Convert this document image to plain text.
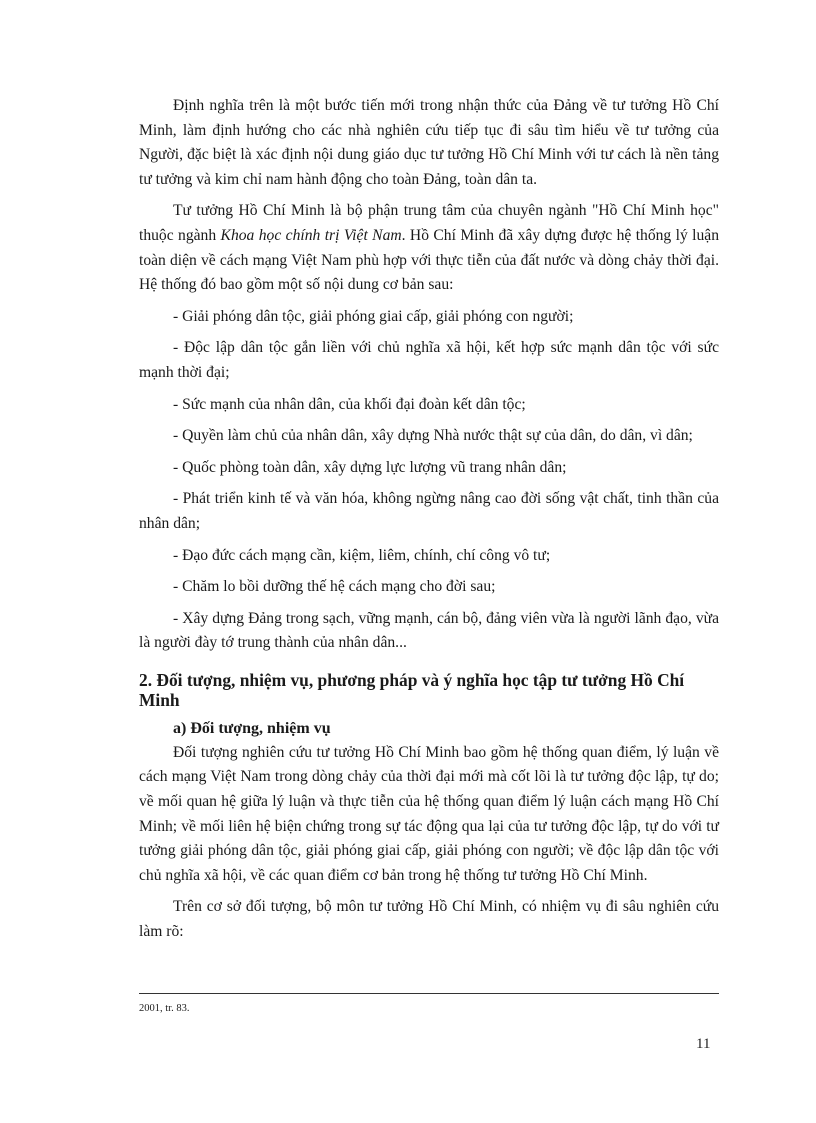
Định nghĩa trên là một bước tiến mới trong nhận thức của Đảng về tư tưởng Hồ Chí Minh, làm định hướng cho các nhà nghiên cứu tiếp tục đi sâu tìm hiểu về tư tưởng của Người, đặc biệt là xác định nội dung giáo dục tư tưởng Hồ Chí Minh với tư cách là nền tảng tư tưởng và kim chỉ nam hành động cho toàn Đảng, toàn dân ta.

Tư tưởng Hồ Chí Minh là bộ phận trung tâm của chuyên ngành "Hồ Chí Minh học" thuộc ngành Khoa học chính trị Việt Nam. Hồ Chí Minh đã xây dựng được hệ thống lý luận toàn diện về cách mạng Việt Nam phù hợp với thực tiễn của đất nước và dòng chảy thời đại. Hệ thống đó bao gồm một số nội dung cơ bản sau:

- Giải phóng dân tộc, giải phóng giai cấp, giải phóng con người;

- Độc lập dân tộc gắn liền với chủ nghĩa xã hội, kết hợp sức mạnh dân tộc với sức mạnh thời đại;

- Sức mạnh của nhân dân, của khối đại đoàn kết dân tộc;

- Quyền làm chủ của nhân dân, xây dựng Nhà nước thật sự của dân, do dân, vì dân;

- Quốc phòng toàn dân, xây dựng lực lượng vũ trang nhân dân;

- Phát triển kinh tế và văn hóa, không ngừng nâng cao đời sống vật chất, tinh thần của nhân dân;

- Đạo đức cách mạng cần, kiệm, liêm, chính, chí công vô tư;

- Chăm lo bồi dưỡng thế hệ cách mạng cho đời sau;

- Xây dựng Đảng trong sạch, vững mạnh, cán bộ, đảng viên vừa là người lãnh đạo, vừa là người đày tớ trung thành của nhân dân...

2. Đối tượng, nhiệm vụ, phương pháp và ý nghĩa học tập tư tưởng Hồ Chí Minh
a) Đối tượng, nhiệm vụ

Đối tượng nghiên cứu tư tưởng Hồ Chí Minh bao gồm hệ thống quan điểm, lý luận về cách mạng Việt Nam trong dòng chảy của thời đại mới mà cốt lõi là tư tưởng độc lập, tự do; về mối quan hệ giữa lý luận và thực tiễn của hệ thống quan điểm lý luận cách mạng Hồ Chí Minh; về mối liên hệ biện chứng trong sự tác động qua lại của tư tưởng độc lập, tự do với tư tưởng giải phóng dân tộc, giải phóng giai cấp, giải phóng con người; về độc lập dân tộc với chủ nghĩa xã hội, về các quan điểm cơ bản trong hệ thống tư tưởng Hồ Chí Minh.

Trên cơ sở đối tượng, bộ môn tư tưởng Hồ Chí Minh, có nhiệm vụ đi sâu nghiên cứu làm rõ:

2001, tr. 83.
11
